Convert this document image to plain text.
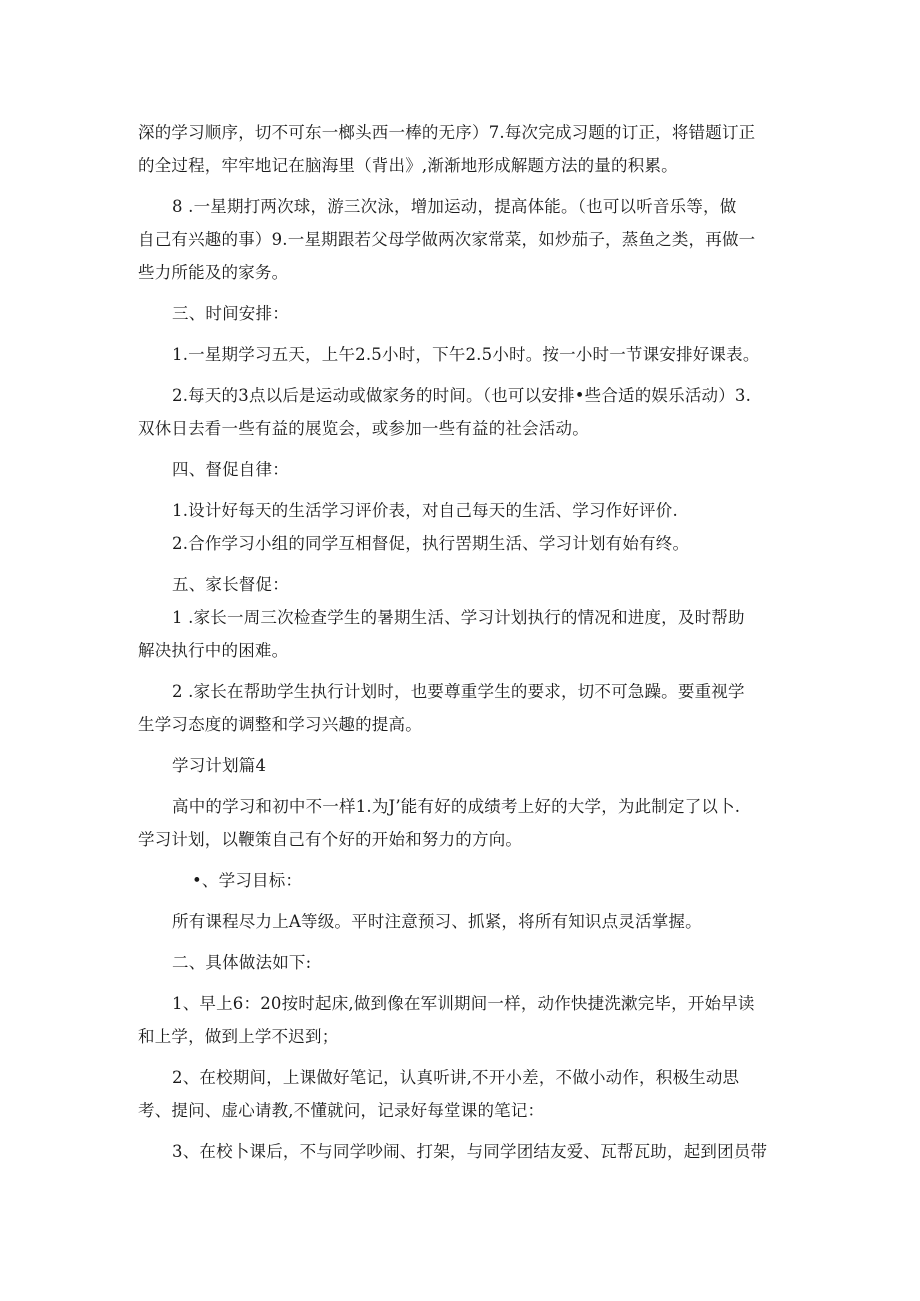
深的学习顺序，切不可东一榔头西一棒的无序）7.每次完成习题的订正，将错题订正
的全过程，牢牢地记在脑海里（背出》,渐渐地形成解题方法的量的积累。
8 .一星期打两次球，游三次泳，增加运动，提高体能。（也可以听音乐等，做
自己有兴趣的事）9.一星期跟若父母学做两次家常菜，如炒茄子，蒸鱼之类，再做一
些力所能及的家务。
三、时间安排：
1.一星期学习五天，上午2.5小时，下午2.5小时。按一小时一节课安排好课表。
2.每天的3点以后是运动或做家务的时间。（也可以安排•些合适的娱乐活动）3.
双休日去看一些有益的展览会，或参加一些有益的社会活动。
四、督促自律：
1.设计好每天的生活学习评价表，对自己每天的生活、学习作好评价.
2.合作学习小组的同学互相督促，执行罟期生活、学习计划有始有终。
五、家长督促：
1 .家长一周三次检查学生的暑期生活、学习计划执行的情况和进度，及时帮助
解决执行中的困难。
2 .家长在帮助学生执行计划时，也要尊重学生的要求，切不可急躁。要重视学
生学习态度的调整和学习兴趣的提高。
学习计划篇4
高中的学习和初中不一样1.为J’能有好的成绩考上好的大学，为此制定了以卜.
学习计划，以鞭策自己有个好的开始和努力的方向。
•、学习目标：
所有课程尽力上A等级。平时注意预习、抓紧，将所有知识点灵活掌握。
二、具体做法如下:
1、早上6：20按时起床,做到像在军训期间一样，动作快捷洗漱完毕，开始早读
和上学，做到上学不迟到；
2、在校期间，上课做好笔记，认真听讲,不开小差，不做小动作，积极生动思
考、提问、虚心请教,不懂就问，记录好每堂课的笔记：
3、在校卜课后，不与同学吵闹、打架，与同学团结友爱、瓦帮瓦助，起到团员带
